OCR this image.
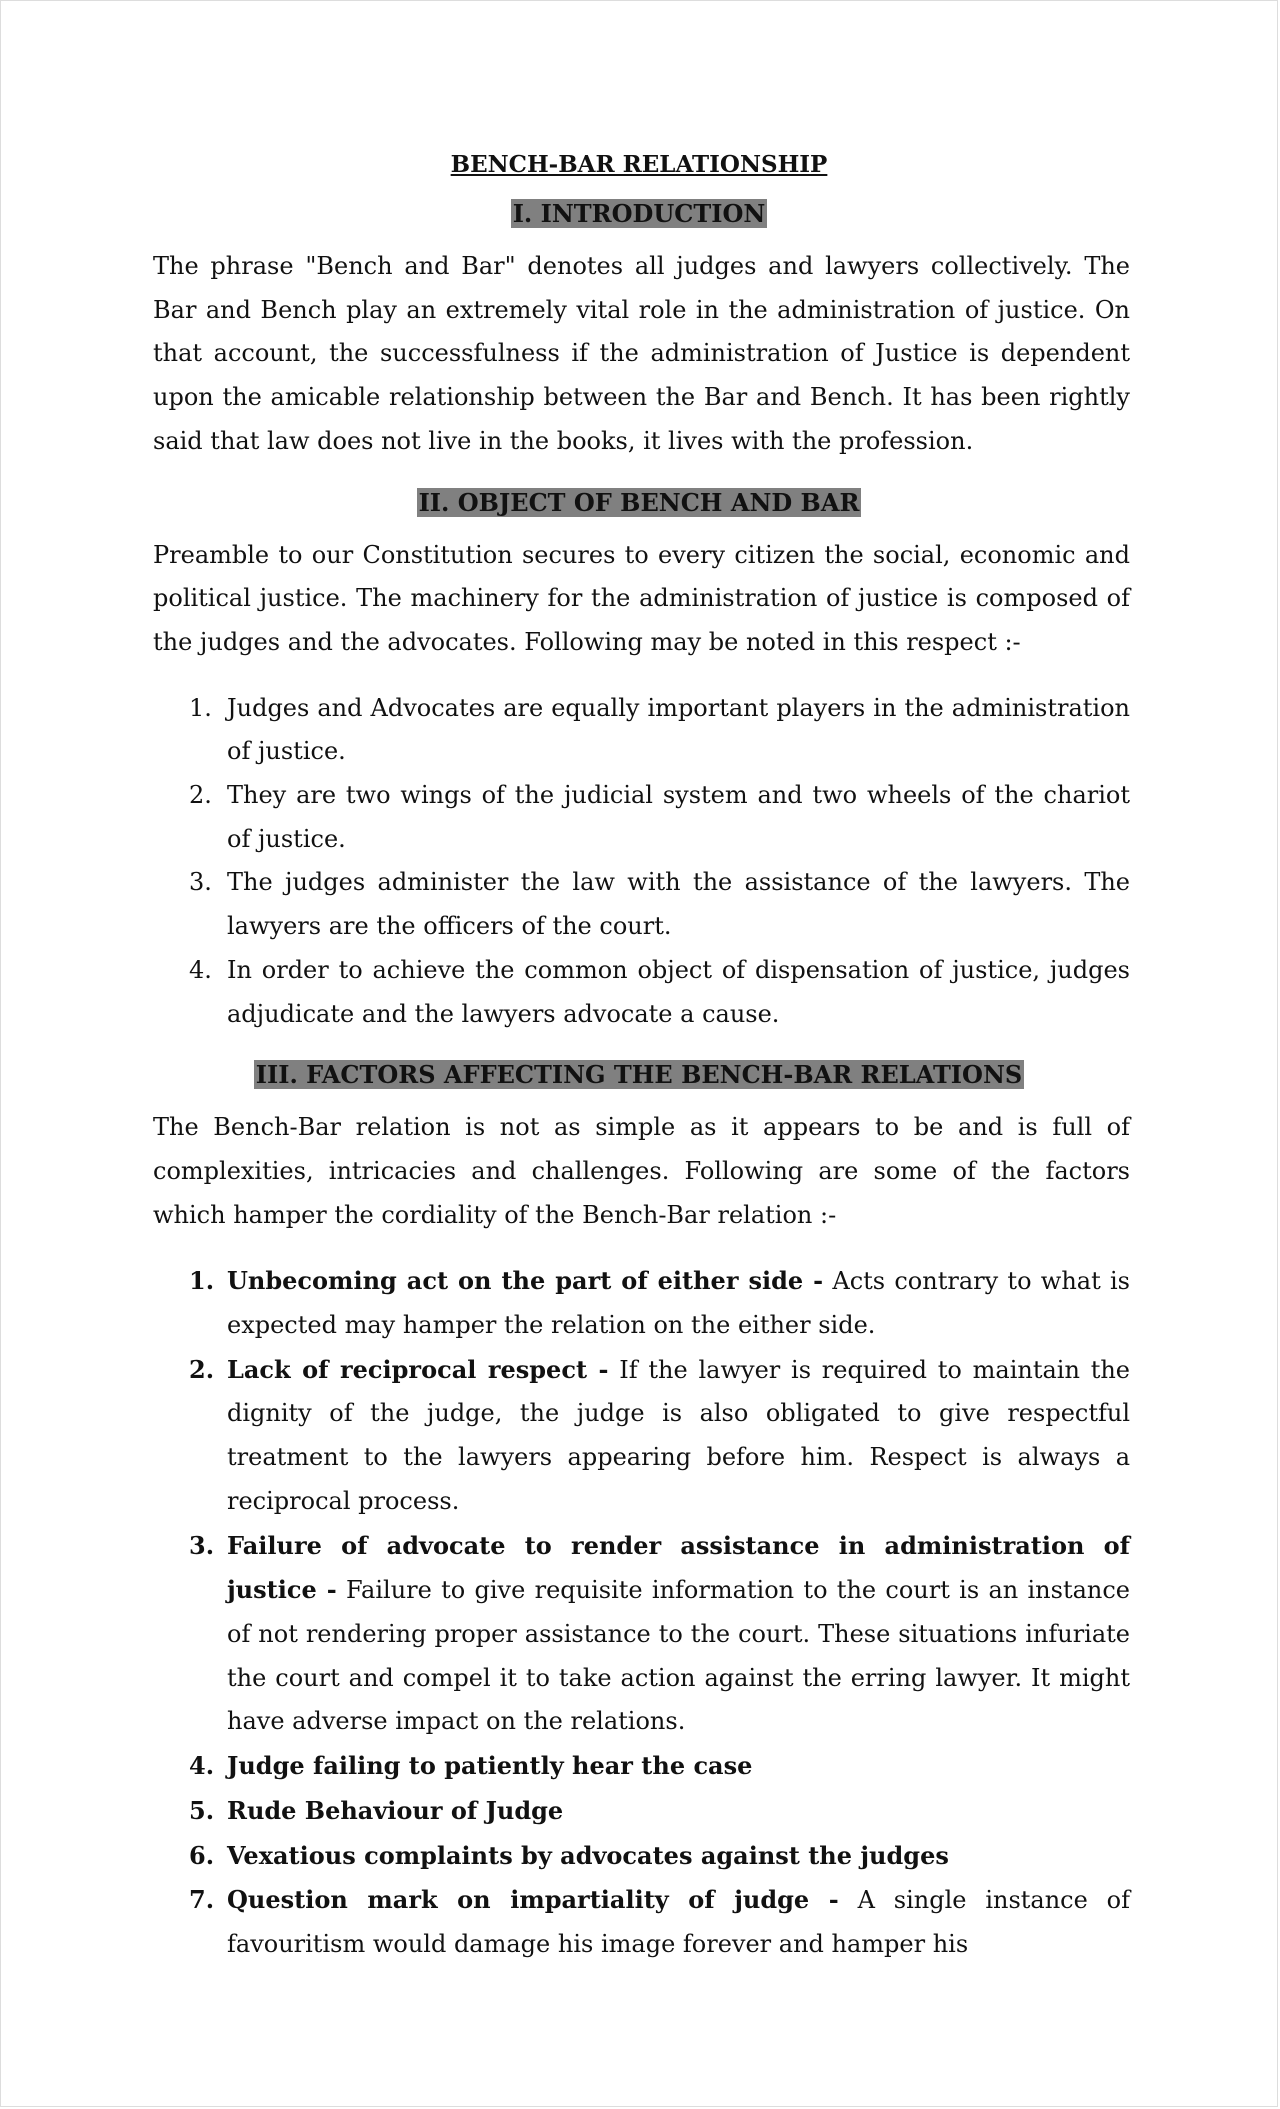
BENCH-BAR RELATIONSHIP
I. INTRODUCTION
The phrase "Bench and Bar" denotes all judges and lawyers collectively. The Bar and Bench play an extremely vital role in the administration of justice. On that account, the successfulness if the administration of Justice is dependent upon the amicable relationship between the Bar and Bench. It has been rightly said that law does not live in the books, it lives with the profession.
II. OBJECT OF BENCH AND BAR
Preamble to our Constitution secures to every citizen the social, economic and political justice. The machinery for the administration of justice is composed of the judges and the advocates. Following may be noted in this respect :-
1. Judges and Advocates are equally important players in the administration of justice.
2. They are two wings of the judicial system and two wheels of the chariot of justice.
3. The judges administer the law with the assistance of the lawyers. The lawyers are the officers of the court.
4. In order to achieve the common object of dispensation of justice, judges adjudicate and the lawyers advocate a cause.
III. FACTORS AFFECTING THE BENCH-BAR RELATIONS
The Bench-Bar relation is not as simple as it appears to be and is full of complexities, intricacies and challenges. Following are some of the factors which hamper the cordiality of the Bench-Bar relation :-
1. Unbecoming act on the part of either side - Acts contrary to what is expected may hamper the relation on the either side.
2. Lack of reciprocal respect - If the lawyer is required to maintain the dignity of the judge, the judge is also obligated to give respectful treatment to the lawyers appearing before him. Respect is always a reciprocal process.
3. Failure of advocate to render assistance in administration of justice - Failure to give requisite information to the court is an instance of not rendering proper assistance to the court. These situations infuriate the court and compel it to take action against the erring lawyer. It might have adverse impact on the relations.
4. Judge failing to patiently hear the case
5. Rude Behaviour of Judge
6. Vexatious complaints by advocates against the judges
7. Question mark on impartiality of judge - A single instance of favouritism would damage his image forever and hamper his
